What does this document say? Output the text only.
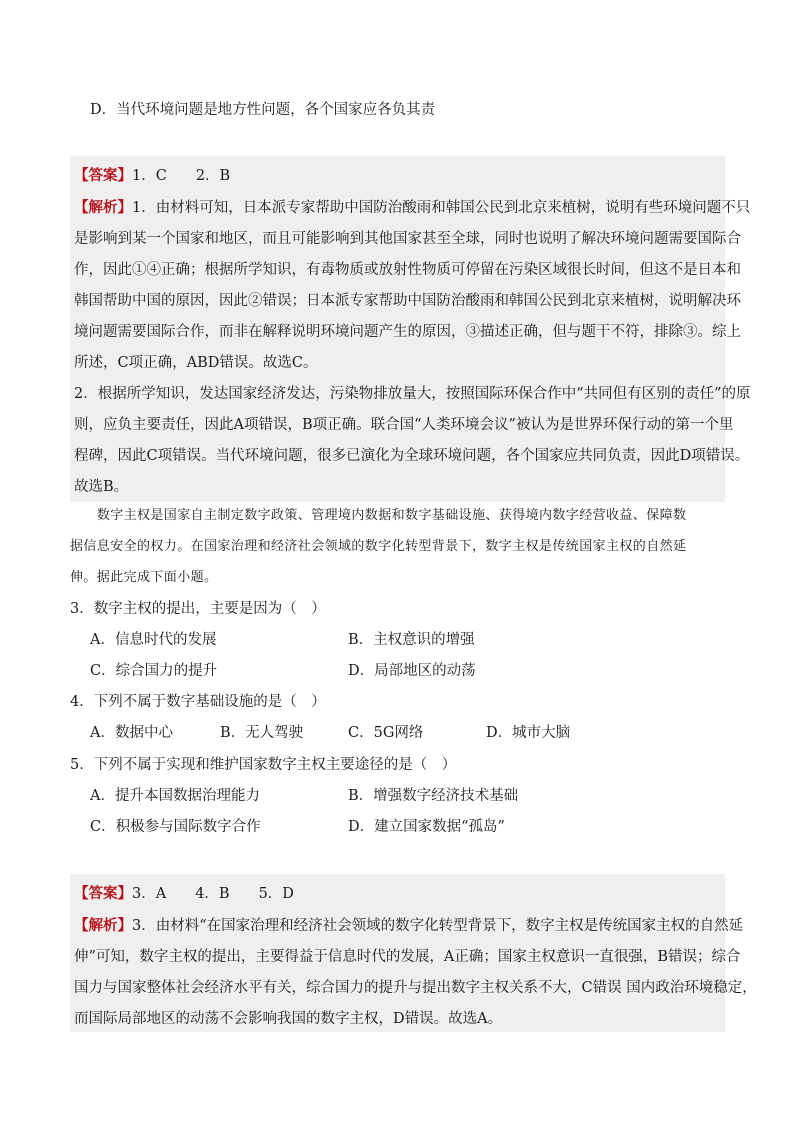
D．当代环境问题是地方性问题，各个国家应各负其责
【答案】1．C　　2．B
【解析】1．由材料可知，日本派专家帮助中国防治酸雨和韩国公民到北京来植树，说明有些环境问题不只
是影响到某一个国家和地区，而且可能影响到其他国家甚至全球，同时也说明了解决环境问题需要国际合
作，因此①④正确；根据所学知识，有毒物质或放射性物质可停留在污染区域很长时间，但这不是日本和
韩国帮助中国的原因，因此②错误；日本派专家帮助中国防治酸雨和韩国公民到北京来植树，说明解决环
境问题需要国际合作，而非在解释说明环境问题产生的原因，③描述正确，但与题干不符，排除③。综上
所述，C项正确，ABD错误。故选C。
2．根据所学知识，发达国家经济发达，污染物排放量大，按照国际环保合作中“共同但有区别的责任”的原
则，应负主要责任，因此A项错误，B项正确。联合国“人类环境会议”被认为是世界环保行动的第一个里
程碑，因此C项错误。当代环境问题，很多已演化为全球环境问题，各个国家应共同负责，因此D项错误。
故选B。
　　数字主权是国家自主制定数字政策、管理境内数据和数字基础设施、获得境内数字经营收益、保障数
据信息安全的权力。在国家治理和经济社会领域的数字化转型背景下，数字主权是传统国家主权的自然延
伸。据此完成下面小题。
3．数字主权的提出，主要是因为（　）
A．信息时代的发展	B．主权意识的增强
C．综合国力的提升	D．局部地区的动荡
4．下列不属于数字基础设施的是（　）
A．数据中心	B．无人驾驶	C．5G网络	D．城市大脑
5．下列不属于实现和维护国家数字主权主要途径的是（　）
A．提升本国数据治理能力	B．增强数字经济技术基础
C．积极参与国际数字合作	D．建立国家数据“孤岛”
【答案】3．A　　4．B　　5．D
【解析】3．由材料“在国家治理和经济社会领域的数字化转型背景下，数字主权是传统国家主权的自然延
伸”可知，数字主权的提出，主要得益于信息时代的发展，A正确；国家主权意识一直很强，B错误；综合
国力与国家整体社会经济水平有关，综合国力的提升与提出数字主权关系不大，C错误 国内政治环境稳定，
而国际局部地区的动荡不会影响我国的数字主权，D错误。故选A。
